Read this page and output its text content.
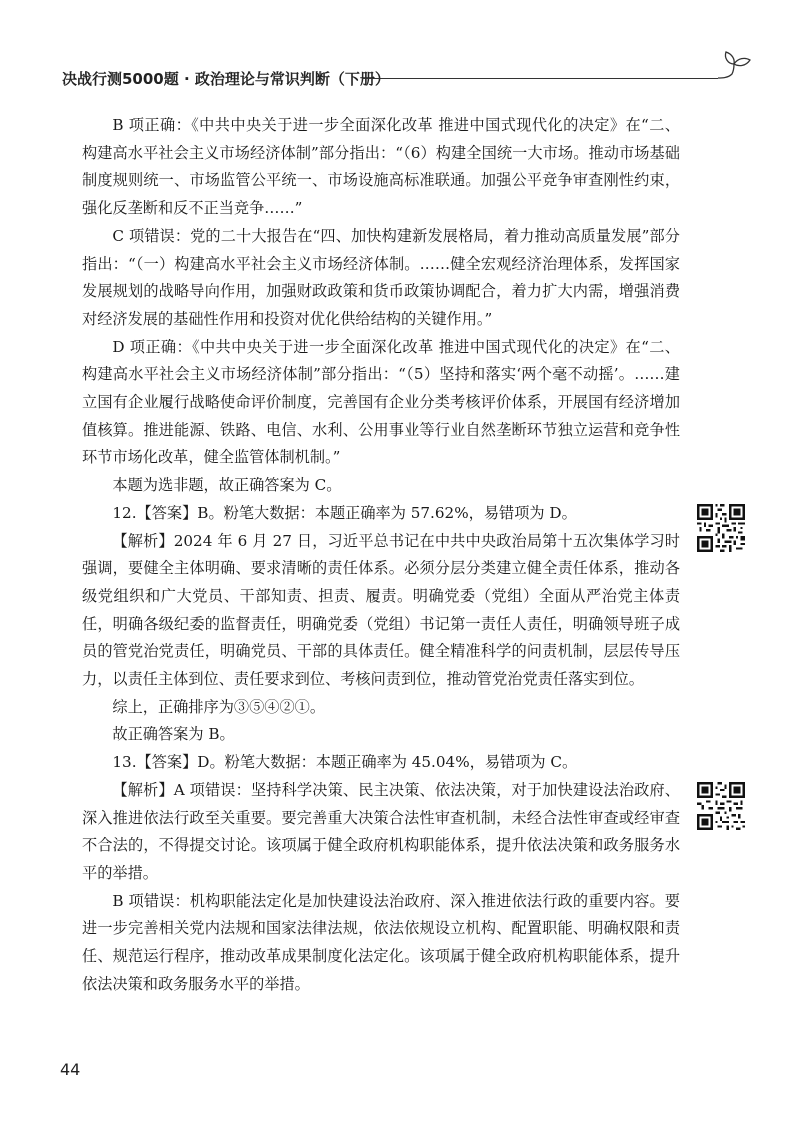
决战行测5000题 · 政治理论与常识判断（下册）

B 项正确：《中共中央关于进一步全面深化改革 推进中国式现代化的决定》在“二、构建高水平社会主义市场经济体制”部分指出：“（6）构建全国统一大市场。推动市场基础制度规则统一、市场监管公平统一、市场设施高标准联通。加强公平竞争审查刚性约束，强化反垄断和反不正当竞争……”

C 项错误：党的二十大报告在“四、加快构建新发展格局，着力推动高质量发展”部分指出：“（一）构建高水平社会主义市场经济体制。……健全宏观经济治理体系，发挥国家发展规划的战略导向作用，加强财政政策和货币政策协调配合，着力扩大内需，增强消费对经济发展的基础性作用和投资对优化供给结构的关键作用。”

D 项正确：《中共中央关于进一步全面深化改革 推进中国式现代化的决定》在“二、构建高水平社会主义市场经济体制”部分指出：“（5）坚持和落实‘两个毫不动摇’。……建立国有企业履行战略使命评价制度，完善国有企业分类考核评价体系，开展国有经济增加值核算。推进能源、铁路、电信、水利、公用事业等行业自然垄断环节独立运营和竞争性环节市场化改革，健全监管体制机制。”

本题为选非题，故正确答案为 C。

12.【答案】B。粉笔大数据：本题正确率为 57.62%，易错项为 D。

【解析】2024 年 6 月 27 日，习近平总书记在中共中央政治局第十五次集体学习时强调，要健全主体明确、要求清晰的责任体系。必须分层分类建立健全责任体系，推动各级党组织和广大党员、干部知责、担责、履责。明确党委（党组）全面从严治党主体责任，明确各级纪委的监督责任，明确党委（党组）书记第一责任人责任，明确领导班子成员的管党治党责任，明确党员、干部的具体责任。健全精准科学的问责机制，层层传导压力，以责任主体到位、责任要求到位、考核问责到位，推动管党治党责任落实到位。

综上，正确排序为③⑤④②①。

故正确答案为 B。

13.【答案】D。粉笔大数据：本题正确率为 45.04%，易错项为 C。

【解析】A 项错误：坚持科学决策、民主决策、依法决策，对于加快建设法治政府、深入推进依法行政至关重要。要完善重大决策合法性审查机制，未经合法性审查或经审查不合法的，不得提交讨论。该项属于健全政府机构职能体系，提升依法决策和政务服务水平的举措。

B 项错误：机构职能法定化是加快建设法治政府、深入推进依法行政的重要内容。要进一步完善相关党内法规和国家法律法规，依法依规设立机构、配置职能、明确权限和责任、规范运行程序，推动改革成果制度化法定化。该项属于健全政府机构职能体系，提升依法决策和政务服务水平的举措。

44
